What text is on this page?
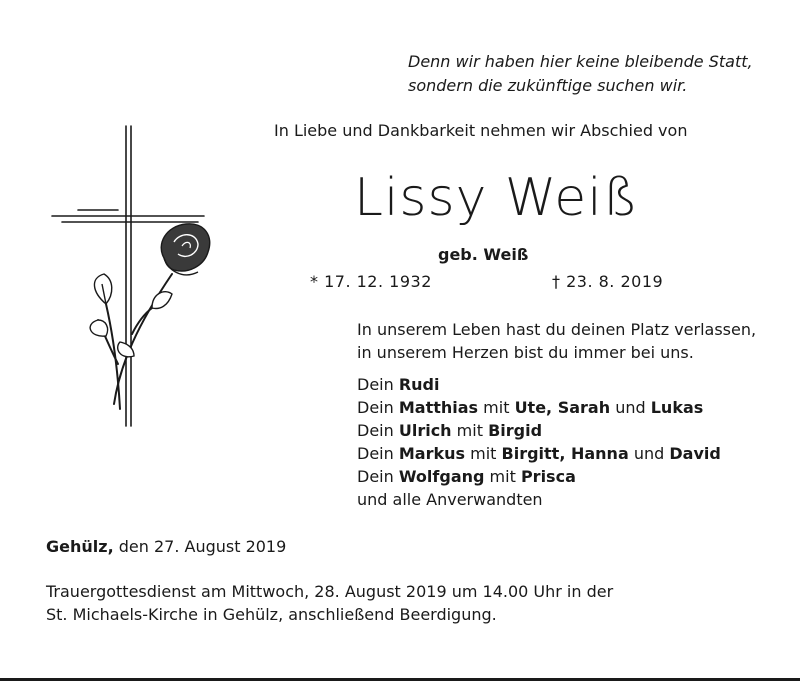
Denn wir haben hier keine bleibende Statt,
sondern die zukünftige suchen wir.
In Liebe und Dankbarkeit nehmen wir Abschied von
Lissy Weiß
geb. Weiß
* 17. 12. 1932	† 23. 8. 2019
In unserem Leben hast du deinen Platz verlassen,
in unserem Herzen bist du immer bei uns.
Dein Rudi
Dein Matthias mit Ute, Sarah und Lukas
Dein Ulrich mit Birgid
Dein Markus mit Birgitt, Hanna und David
Dein Wolfgang mit Prisca
und alle Anverwandten
Gehülz, den 27. August 2019
Trauergottesdienst am Mittwoch, 28. August 2019 um 14.00 Uhr in der
St. Michaels-Kirche in Gehülz, anschließend Beerdigung.
